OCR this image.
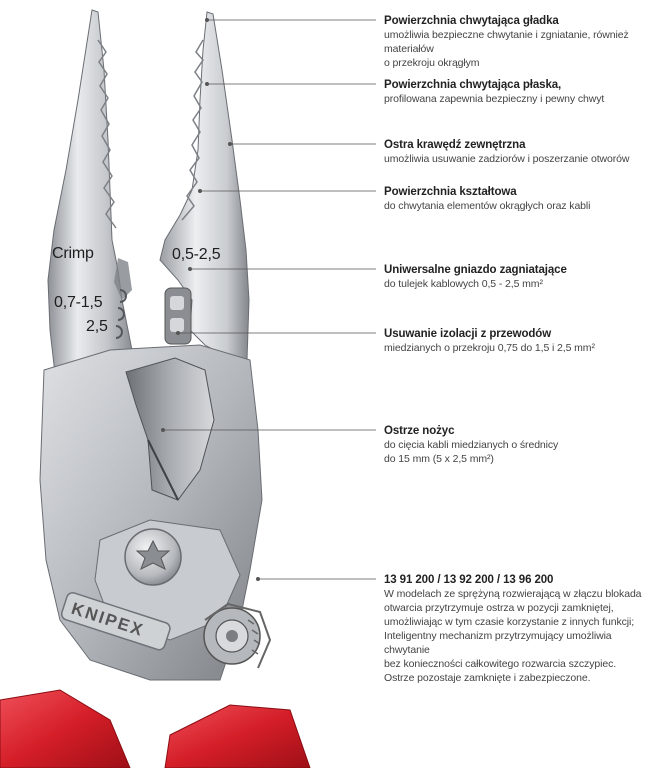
Crimp	0,5-2,5
0,7-1,5
2,5
KNIPEX
Powierzchnia chwytająca gładka
umożliwia bezpieczne chwytanie i zgniatanie, również materiałów
o przekroju okrągłym
Powierzchnia chwytająca płaska,
profilowana zapewnia bezpieczny i pewny chwyt
Ostra krawędź zewnętrzna
umożliwia usuwanie zadziorów i poszerzanie otworów
Powierzchnia kształtowa
do chwytania elementów okrągłych oraz kabli
Uniwersalne gniazdo zagniatające
do tulejek kablowych 0,5 - 2,5 mm²
Usuwanie izolacji z przewodów
miedzianych o przekroju 0,75 do 1,5 i 2,5 mm²
Ostrze nożyc
do cięcia kabli miedzianych o średnicy
do 15 mm (5 x 2,5 mm²)
13 91 200 / 13 92 200 / 13 96 200
W modelach ze sprężyną rozwierającą w złączu blokada
otwarcia przytrzymuje ostrza w pozycji zamkniętej,
umożliwiając w tym czasie korzystanie z innych funkcji;
Inteligentny mechanizm przytrzymujący umożliwia chwytanie
bez konieczności całkowitego rozwarcia szczypiec.
Ostrze pozostaje zamknięte i zabezpieczone.
